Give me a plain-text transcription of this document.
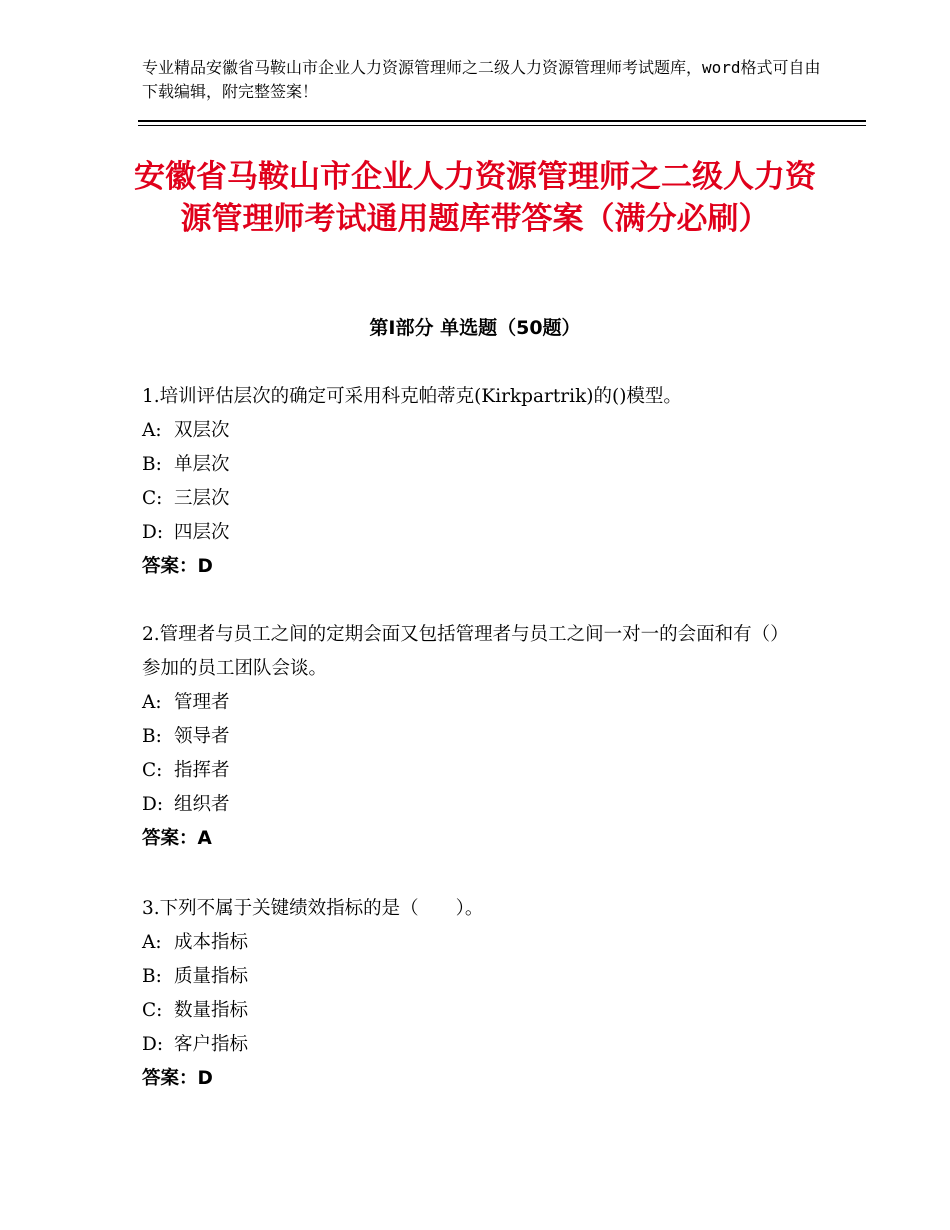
专业精品安徽省马鞍山市企业人力资源管理师之二级人力资源管理师考试题库，word格式可自由下载编辑，附完整签案！
安徽省马鞍山市企业人力资源管理师之二级人力资源管理师考试通用题库带答案（满分必刷）
第Ⅰ部分 单选题（50题）

1.培训评估层次的确定可采用科克帕蒂克(Kirkpartrik)的()模型。

A: 双层次

B: 单层次

C: 三层次

D: 四层次

答案：D

2.管理者与员工之间的定期会面又包括管理者与员工之间一对一的会面和有（）参加的员工团队会谈。

A: 管理者

B: 领导者

C: 指挥者

D: 组织者

答案：A

3.下列不属于关键绩效指标的是（　　）。

A: 成本指标

B: 质量指标

C: 数量指标

D: 客户指标

答案：D
